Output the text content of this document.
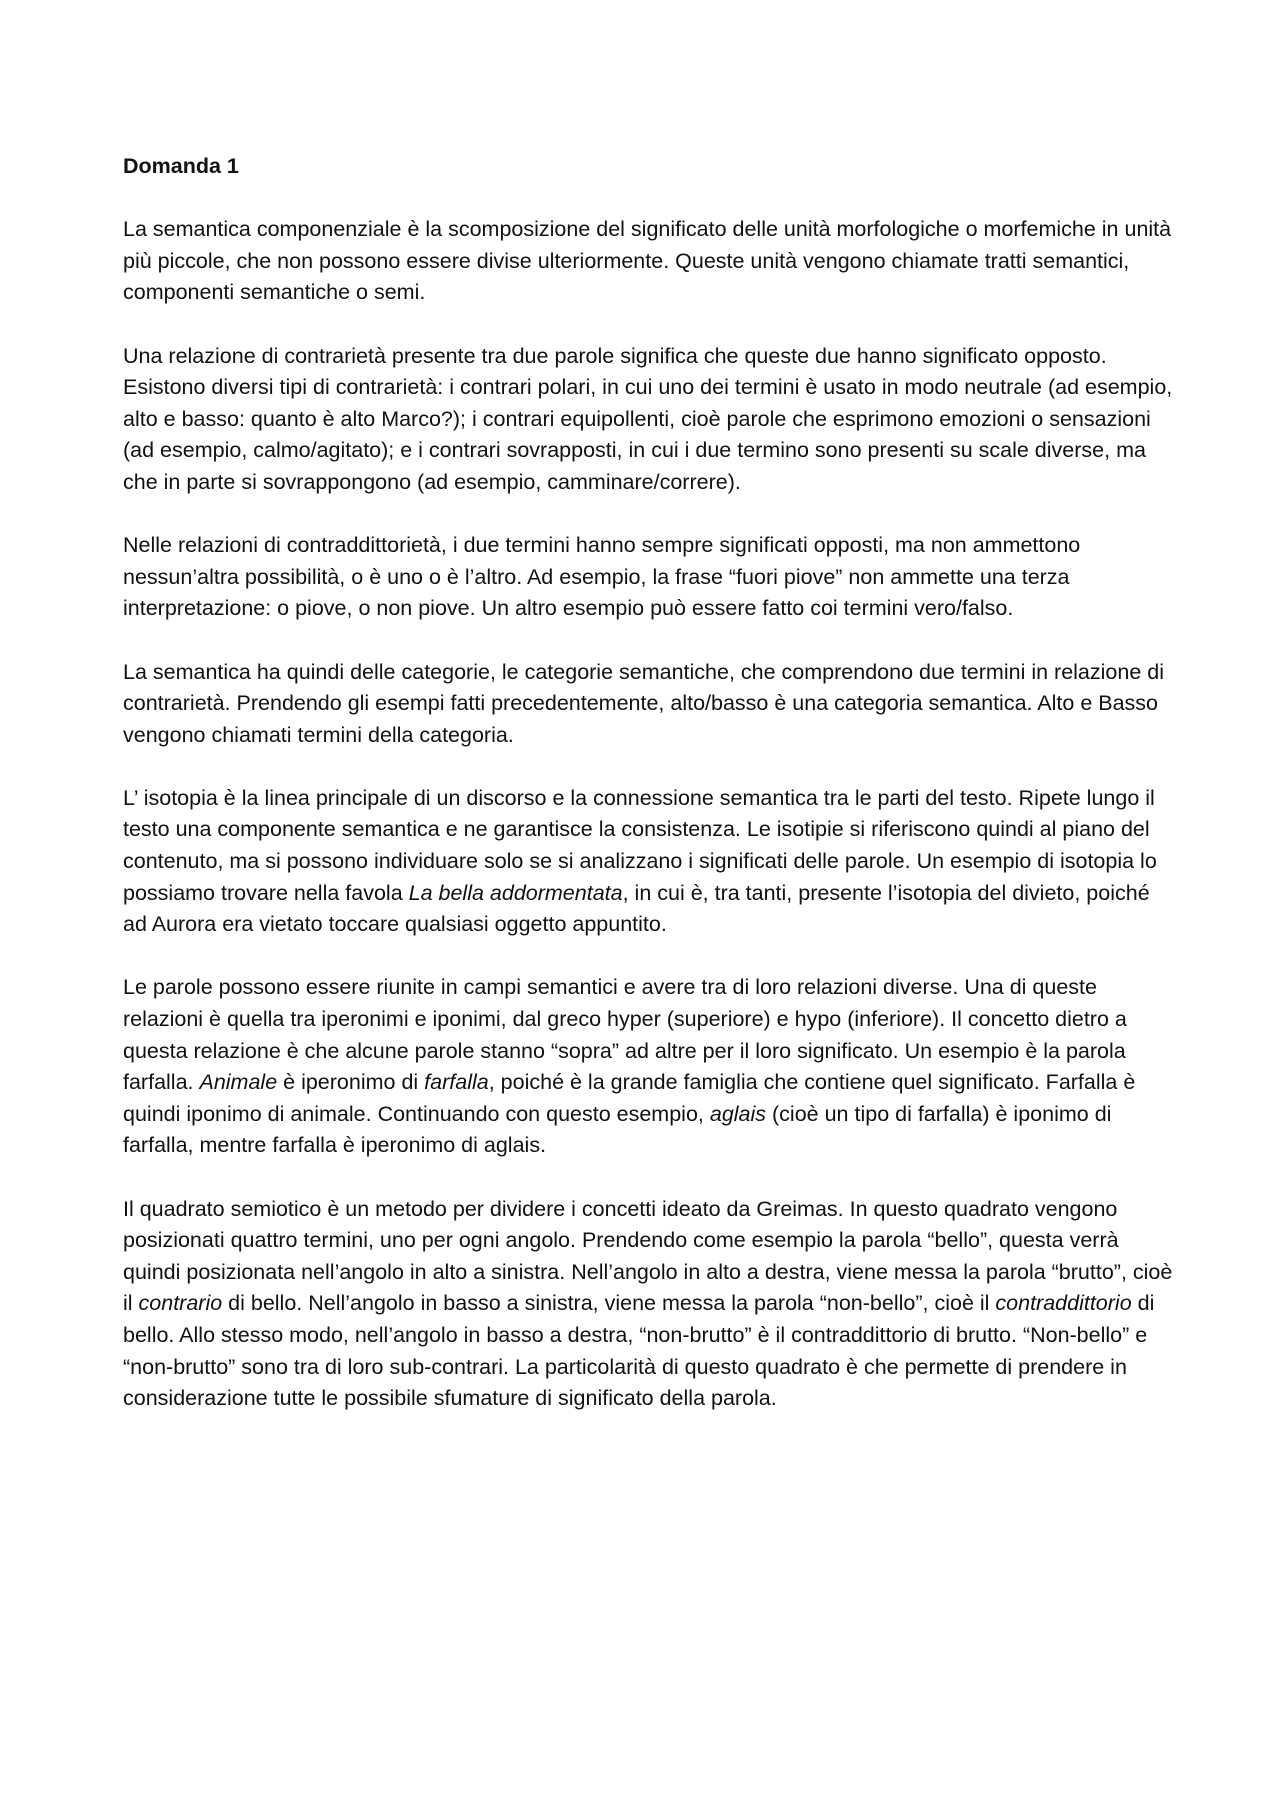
Domanda 1

La semantica componenziale è la scomposizione del significato delle unità morfologiche o morfemiche in unità più piccole, che non possono essere divise ulteriormente. Queste unità vengono chiamate tratti semantici, componenti semantiche o semi.

Una relazione di contrarietà presente tra due parole significa che queste due hanno significato opposto. Esistono diversi tipi di contrarietà: i contrari polari, in cui uno dei termini è usato in modo neutrale (ad esempio, alto e basso: quanto è alto Marco?); i contrari equipollenti, cioè parole che esprimono emozioni o sensazioni (ad esempio, calmo/agitato); e i contrari sovrapposti, in cui i due termino sono presenti su scale diverse, ma che in parte si sovrappongono (ad esempio, camminare/correre).

Nelle relazioni di contraddittorietà, i due termini hanno sempre significati opposti, ma non ammettono nessun’altra possibilità, o è uno o è l’altro. Ad esempio, la frase “fuori piove” non ammette una terza interpretazione: o piove, o non piove. Un altro esempio può essere fatto coi termini vero/falso.

La semantica ha quindi delle categorie, le categorie semantiche, che comprendono due termini in relazione di contrarietà. Prendendo gli esempi fatti precedentemente, alto/basso è una categoria semantica. Alto e Basso vengono chiamati termini della categoria.

L’ isotopia è la linea principale di un discorso e la connessione semantica tra le parti del testo. Ripete lungo il testo una componente semantica e ne garantisce la consistenza. Le isotipie si riferiscono quindi al piano del contenuto, ma si possono individuare solo se si analizzano i significati delle parole. Un esempio di isotopia lo possiamo trovare nella favola La bella addormentata, in cui è, tra tanti, presente l’isotopia del divieto, poiché ad Aurora era vietato toccare qualsiasi oggetto appuntito.

Le parole possono essere riunite in campi semantici e avere tra di loro relazioni diverse. Una di queste relazioni è quella tra iperonimi e iponimi, dal greco hyper (superiore) e hypo (inferiore). Il concetto dietro a questa relazione è che alcune parole stanno “sopra” ad altre per il loro significato. Un esempio è la parola farfalla. Animale è iperonimo di farfalla, poiché è la grande famiglia che contiene quel significato. Farfalla è quindi iponimo di animale. Continuando con questo esempio, aglais (cioè un tipo di farfalla) è iponimo di farfalla, mentre farfalla è iperonimo di aglais.

Il quadrato semiotico è un metodo per dividere i concetti ideato da Greimas. In questo quadrato vengono posizionati quattro termini, uno per ogni angolo. Prendendo come esempio la parola “bello”, questa verrà quindi posizionata nell’angolo in alto a sinistra. Nell’angolo in alto a destra, viene messa la parola “brutto”, cioè il contrario di bello. Nell’angolo in basso a sinistra, viene messa la parola “non-bello”, cioè il contraddittorio di bello. Allo stesso modo, nell’angolo in basso a destra, “non-brutto” è il contraddittorio di brutto. “Non-bello” e “non-brutto” sono tra di loro sub-contrari. La particolarità di questo quadrato è che permette di prendere in considerazione tutte le possibile sfumature di significato della parola.
